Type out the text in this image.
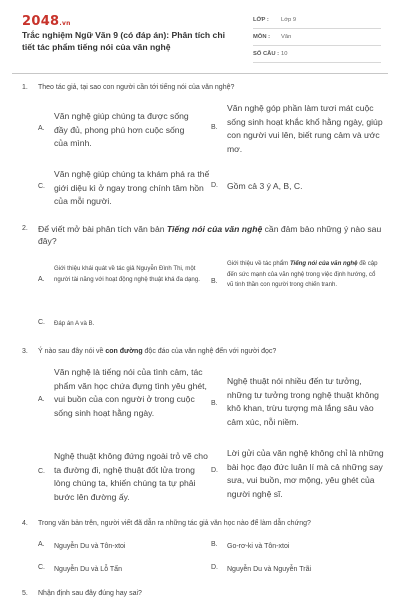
2048.vn
Trắc nghiệm Ngữ Văn 9 (có đáp án): Phân tích chi tiết tác phẩm tiếng nói của văn nghệ
LỚP :	Lớp 9
MÔN :	Văn
SỐ CÂU : 10
1. Theo tác giả, tại sao con người cần tới tiếng nói của văn nghệ?
A.
Văn nghệ giúp chúng ta được sống đầy đủ, phong phú hơn cuộc sống của mình.
B.
Văn nghệ góp phần làm tươi mát cuộc sống sinh hoạt khắc khổ hằng ngày, giúp con người vui lên, biết rung cảm và ước mơ.
C.
Văn nghệ giúp chúng ta khám phá ra thế giới diệu kì ở ngay trong chính tâm hồn của mỗi người.
D. Gồm cả 3 ý A, B, C.
2. Để viết mở bài phân tích văn bản Tiếng nói của văn nghệ cần đảm bảo những ý nào sau đây?
A.
Giới thiệu khái quát về tác giả Nguyễn Đình Thi, một người tài năng với hoạt động nghệ thuật khá đa dạng.	B.
Giới thiệu về tác phẩm Tiếng nói của văn nghệ đề cập đến sức mạnh của văn nghệ trong việc định hướng, cổ vũ tinh thần con người trong chiến tranh.
C. Đáp án A và B.
3. Ý nào sau đây nói về con đường độc đáo của văn nghệ đến với người đọc?
A.
Văn nghệ là tiếng nói của tình cảm, tác phẩm văn học chứa đựng tình yêu ghét, vui buồn của con người ở trong cuộc sống sinh hoạt hằng ngày.
B.
Nghệ thuật nói nhiều đến tư tưởng, những tư tưởng trong nghệ thuật không khô khan, trừu tượng mà lắng sâu vào cảm xúc, nỗi niềm.
C.
Nghệ thuật không đứng ngoài trỏ vẽ cho ta đường đi, nghệ thuật đốt lửa trong lòng chúng ta, khiến chúng ta tự phải bước lên đường ấy.
D.
Lời gửi của văn nghệ không chỉ là những bài học đạo đức luân lí mà cả những say sưa, vui buồn, mơ mộng, yêu ghét của người nghệ sĩ.
4. Trong văn bản trên, người viết đã dẫn ra những tác giả văn học nào để làm dẫn chứng?
A. Nguyễn Du và Tôn-xtoi	B. Go-rơ-ki và Tôn-xtoi
C. Nguyễn Du và Lỗ Tấn	D. Nguyễn Du và Nguyễn Trãi
5. Nhận định sau đây đúng hay sai?
